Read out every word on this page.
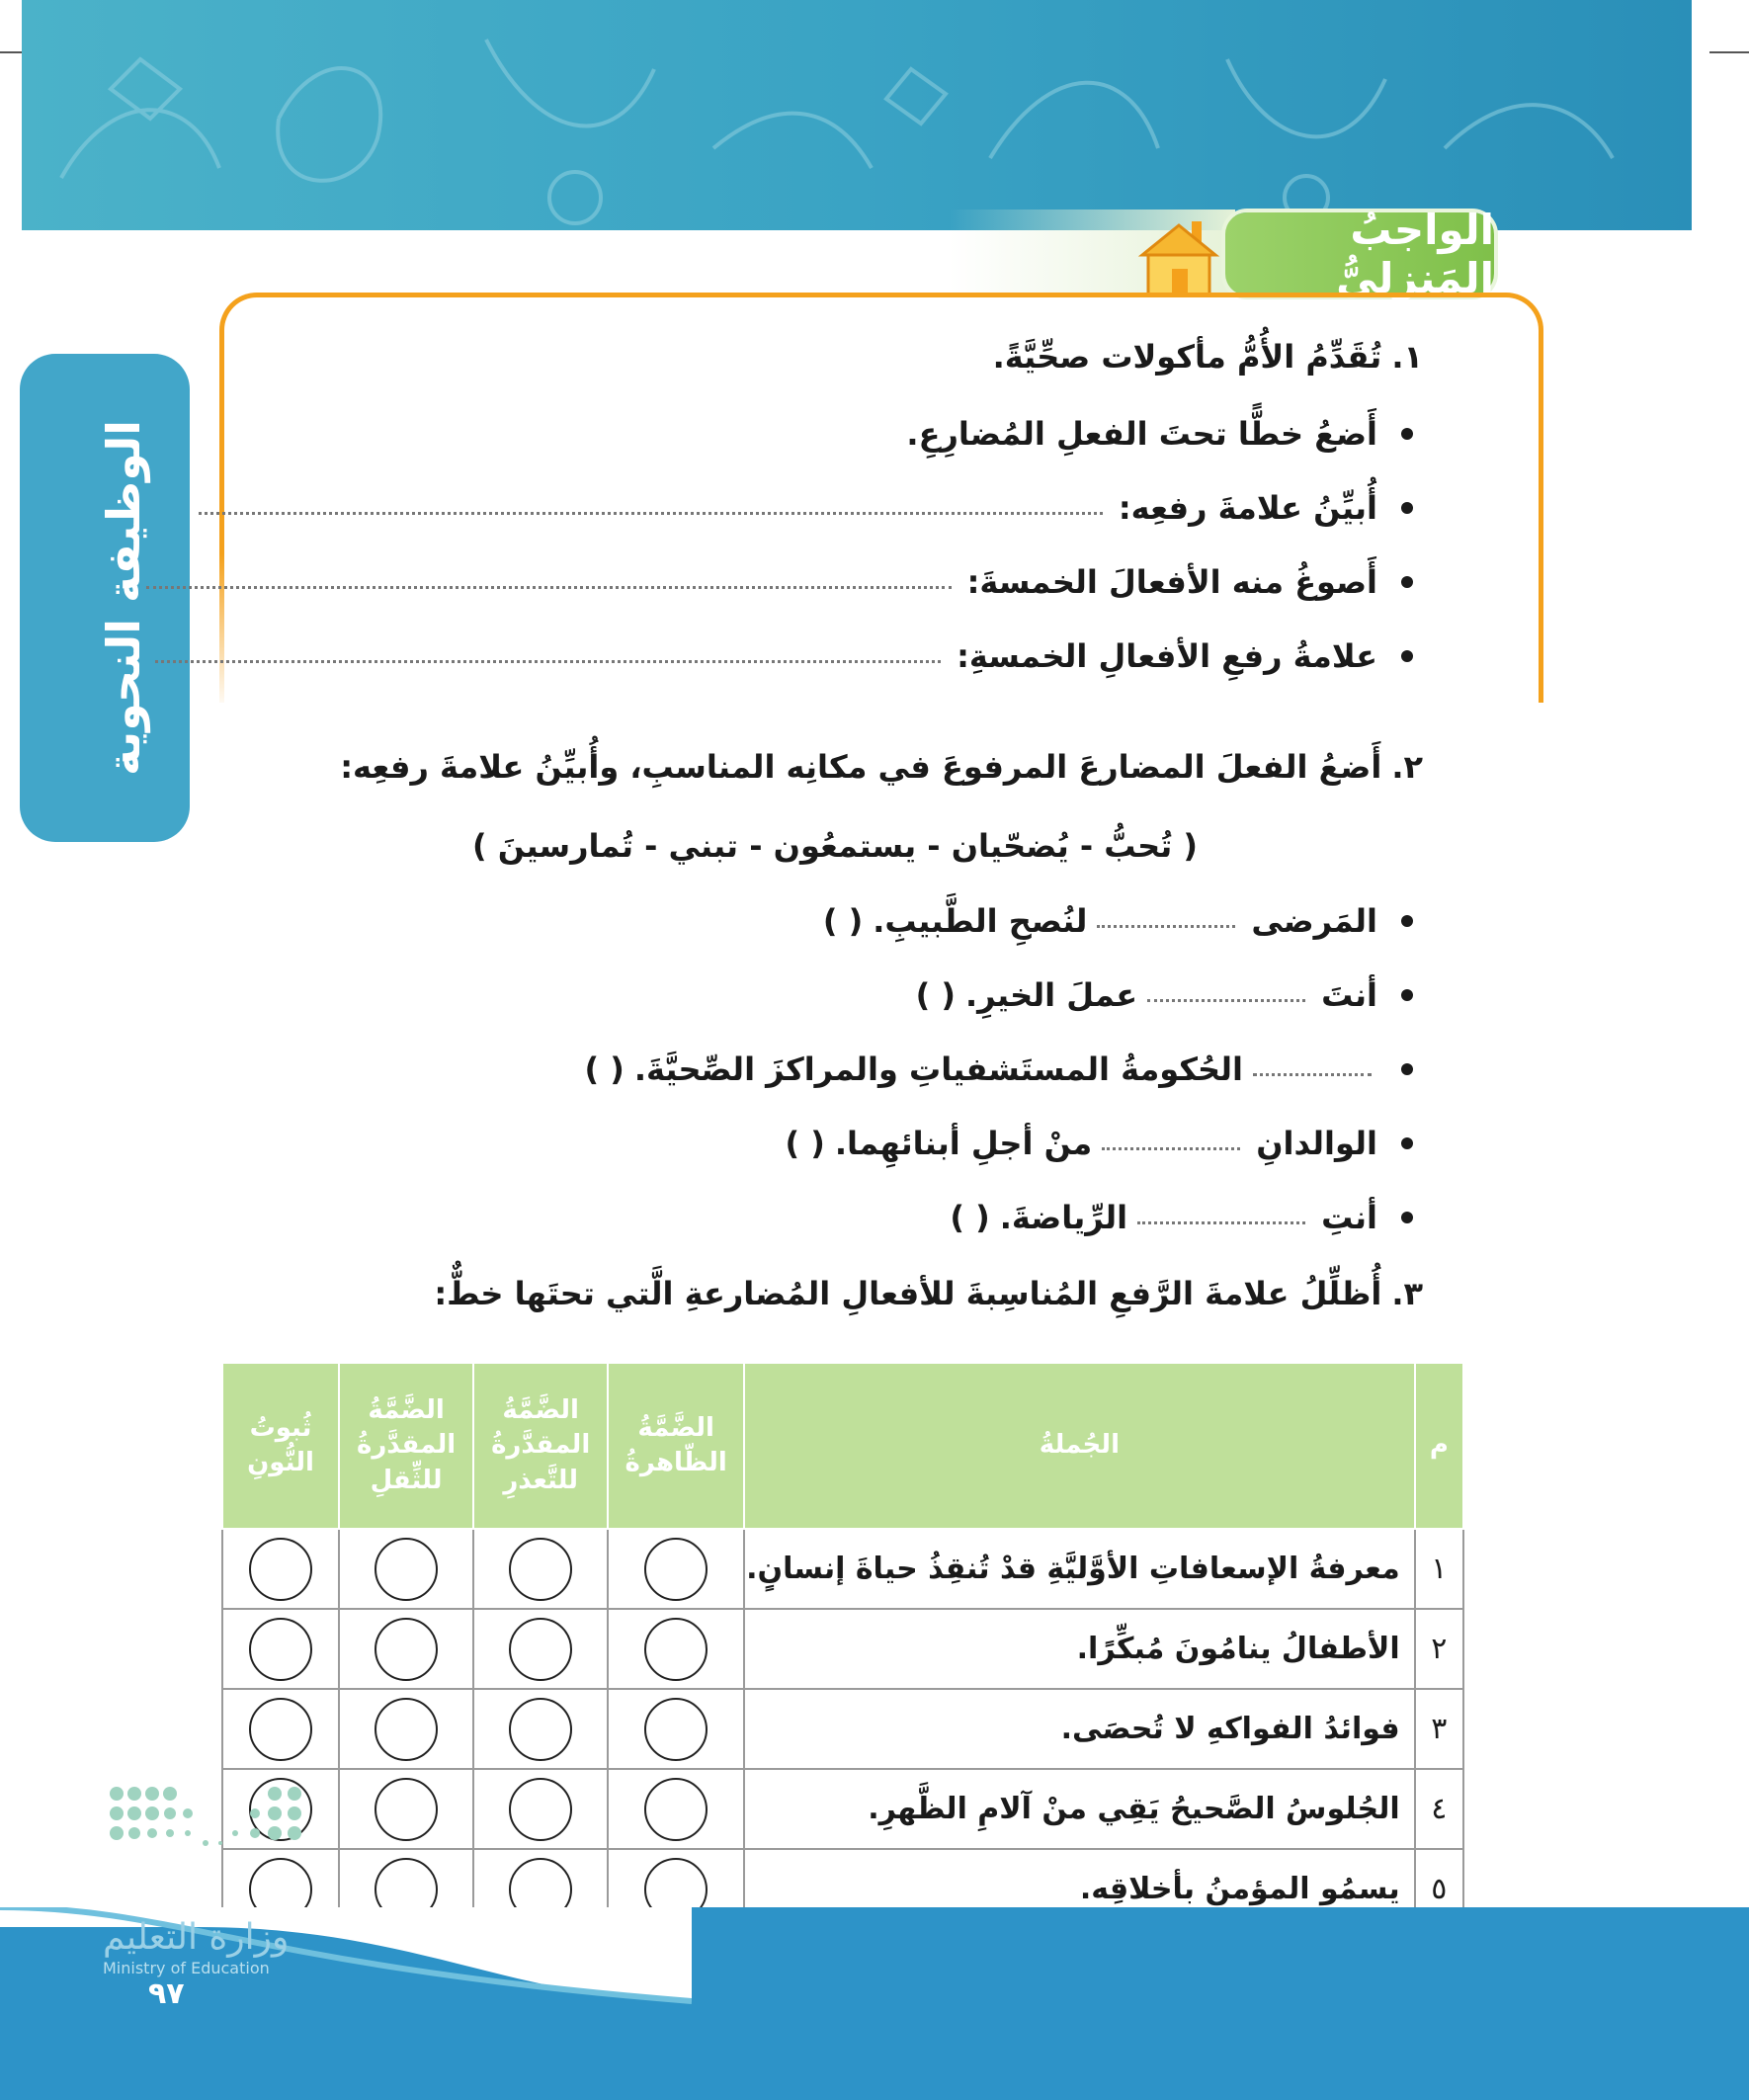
الوظيفة النحوية
الواجبُ المَنزليُّ
١.
تُقَدِّمُ الأُمُّ مأكولات صحِّيَّةً.
أَضعُ خطًّا تحتَ الفعلِ المُضارِعِ.
أُبيِّنُ علامةَ رفعِه:
أَصوغُ منه الأفعالَ الخمسةَ:
علامةُ رفعِ الأفعالِ الخمسةِ:
٢.
أَضعُ الفعلَ المضارعَ المرفوعَ في مكانِه المناسبِ، وأُبيِّنُ علامةَ رفعِه:
( تُحبُّ - يُضحّيان - يستمعُون - تبني - تُمارسينَ )
المَرضى
لنُصحِ الطَّبيبِ.
( )
أنتَ
عملَ الخيرِ.
( )
الحُكومةُ المستَشفياتِ والمراكزَ الصِّحيَّةَ.
( )
الوالدانِ
منْ أجلِ أبنائهِما.
( )
أنتِ
الرِّياضةَ.
( )
٣.
أُظلِّلُ علامةَ الرَّفعِ المُناسِبةَ للأفعالِ المُضارعةِ الَّتي تحتَها خطٌّ:
م	الجُملةُ	الضَّمَّةُ الظّاهرةُ	الضَّمَّةُ المقدَّرةُ للتَّعذرِ	الضَّمَّةُ المقدَّرةُ للثِّقلِ	ثُبوتُ النُّونِ
١	معرفةُ الإسعافاتِ الأوَّليَّةِ قدْ تُنقِذُ حياةَ إنسانٍ.				
٢	الأطفالُ ينامُونَ مُبكِّرًا.				
٣	فوائدُ الفواكهِ لا تُحصَى.				
٤	الجُلوسُ الصَّحيحُ يَقِي منْ آلامِ الظَّهرِ.				
٥	يسمُو المؤمنُ بأخلاقِه.				
وزارة التعليم
Ministry of Education
٩٧
